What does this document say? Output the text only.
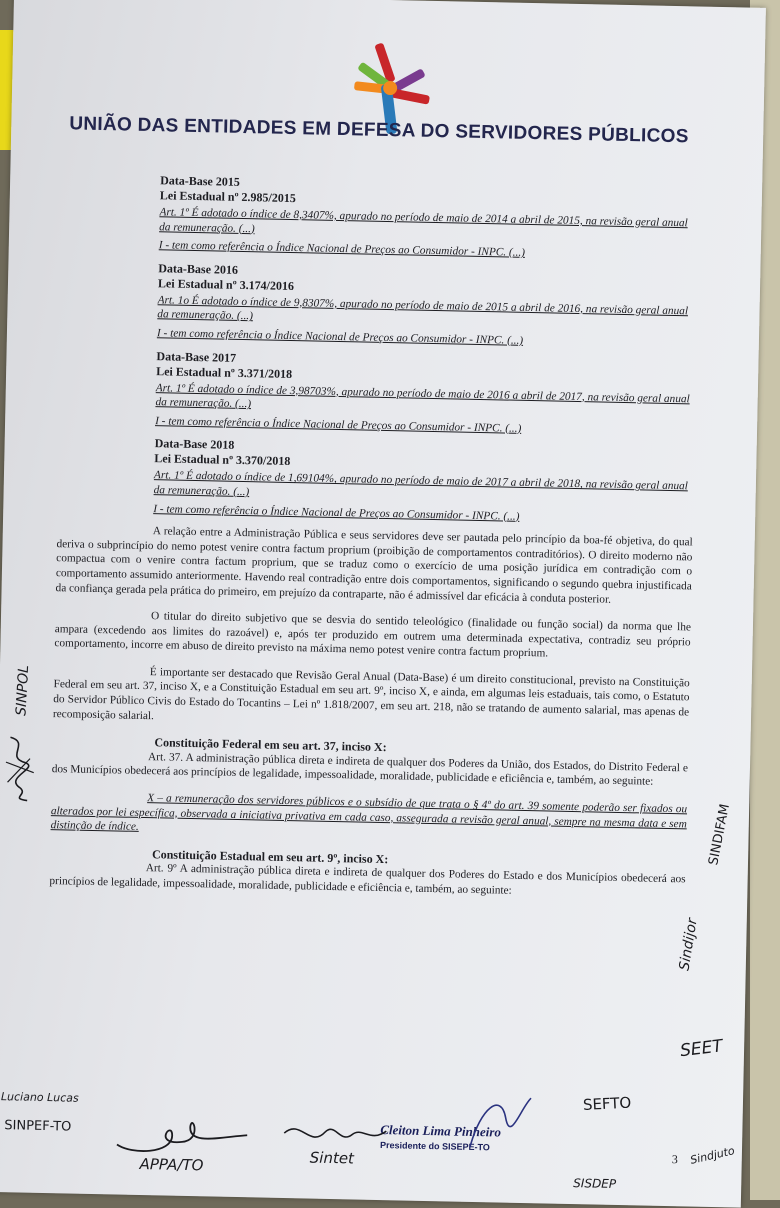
UNIÃO DAS ENTIDADES EM DEFESA DO SERVIDORES PÚBLICOS
Data-Base 2015
Lei Estadual nº 2.985/2015
Art. 1º É adotado o índice de 8,3407%, apurado no período de maio de 2014 a abril de 2015, na revisão geral anual da remuneração. (...)
I - tem como referência o Índice Nacional de Preços ao Consumidor - INPC. (...)
Data-Base 2016
Lei Estadual nº 3.174/2016
Art. 1o É adotado o índice de 9,8307%, apurado no período de maio de 2015 a abril de 2016, na revisão geral anual da remuneração. (...)
I - tem como referência o Índice Nacional de Preços ao Consumidor - INPC. (...)
Data-Base 2017
Lei Estadual nº 3.371/2018
Art. 1º É adotado o índice de 3,98703%, apurado no período de maio de 2016 a abril de 2017, na revisão geral anual da remuneração. (...)
I - tem como referência o Índice Nacional de Preços ao Consumidor - INPC. (...)
Data-Base 2018
Lei Estadual nº 3.370/2018
Art. 1º É adotado o índice de 1,69104%, apurado no período de maio de 2017 a abril de 2018, na revisão geral anual da remuneração. (...)
I - tem como referência o Índice Nacional de Preços ao Consumidor - INPC. (...)

A relação entre a Administração Pública e seus servidores deve ser pautada pelo princípio da boa-fé objetiva, do qual deriva o subprincípio do nemo potest venire contra factum proprium (proibição de comportamentos contraditórios). O direito moderno não compactua com o venire contra factum proprium, que se traduz como o exercício de uma posição jurídica em contradição com o comportamento assumido anteriormente. Havendo real contradição entre dois comportamentos, significando o segundo quebra injustificada da confiança gerada pela prática do primeiro, em prejuízo da contraparte, não é admissível dar eficácia à conduta posterior.

O titular do direito subjetivo que se desvia do sentido teleológico (finalidade ou função social) da norma que lhe ampara (excedendo aos limites do razoável) e, após ter produzido em outrem uma determinada expectativa, contradiz seu próprio comportamento, incorre em abuso de direito previsto na máxima nemo potest venire contra factum proprium.

É importante ser destacado que Revisão Geral Anual (Data-Base) é um direito constitucional, previsto na Constituição Federal em seu art. 37, inciso X, e a Constituição Estadual em seu art. 9º, inciso X, e ainda, em algumas leis estaduais, tais como, o Estatuto do Servidor Público Civis do Estado do Tocantins – Lei nº 1.818/2007, em seu art. 218, não se tratando de aumento salarial, mas apenas de recomposição salarial.

Constituição Federal em seu art. 37, inciso X:

Art. 37. A administração pública direta e indireta de qualquer dos Poderes da União, dos Estados, do Distrito Federal e dos Municípios obedecerá aos princípios de legalidade, impessoalidade, moralidade, publicidade e eficiência e, também, ao seguinte:

X – a remuneração dos servidores públicos e o subsídio de que trata o § 4º do art. 39 somente poderão ser fixados ou alterados por lei específica, observada a iniciativa privativa em cada caso, assegurada a revisão geral anual, sempre na mesma data e sem distinção de índice.
Constituição Estadual em seu art. 9º, inciso X:

Art. 9º A administração pública direta e indireta de qualquer dos Poderes do Estado e dos Municípios obedecerá aos princípios de legalidade, impessoalidade, moralidade, publicidade e eficiência e, também, ao seguinte:

Cleiton Lima Pinheiro
Presidente do SISEPE-TO
3
SINPOL
SINDIFAM
Sindijor
SEET
SEFTO
Sindjuto
Luciano Lucas
SINPEF-TO
APPA/TO	Sintet
SISDEP
